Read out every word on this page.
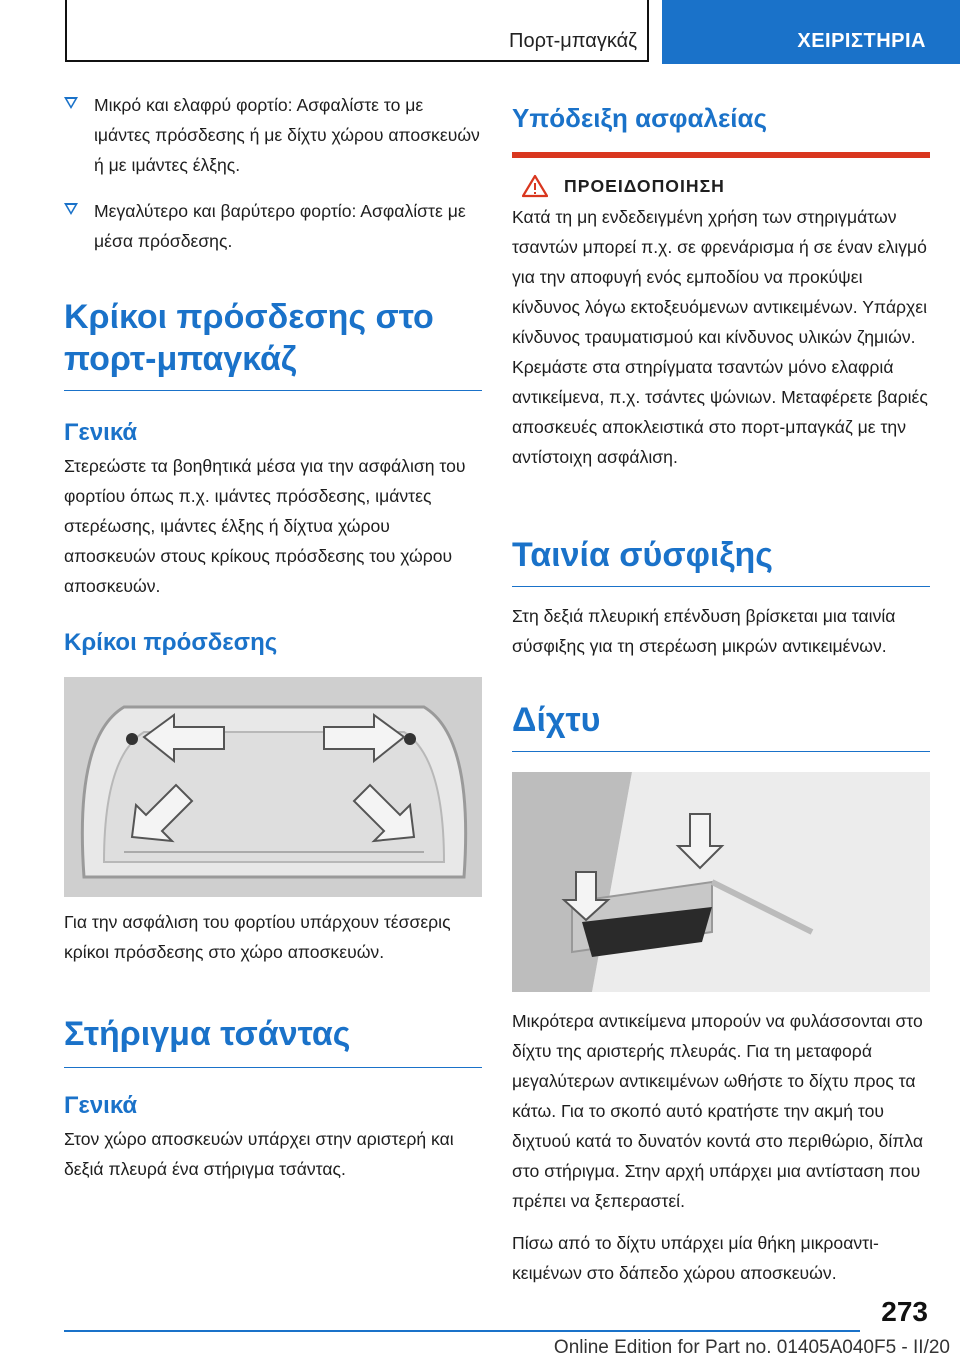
Πορτ-μπαγκάζ	ΧΕΙΡΙΣΤΗΡΙΑ

Μικρό και ελαφρύ φορτίο: Ασφαλίστε το με ιμάντες πρόσδεσης ή με δίχτυ χώρου αποσκευών ή με ιμάντες έλξης.

Μεγαλύτερο και βαρύτερο φορτίο: Ασφαλίστε με μέσα πρόσδεσης.

Κρίκοι πρόσδεσης στο πορτ-μπαγκάζ
Γενικά

Στερεώστε τα βοηθητικά μέσα για την ασφάλιση του φορτίου όπως π.χ. ιμάντες πρόσδεσης, ιμάντες στερέωσης, ιμάντες έλξης ή δίχτυα χώρου αποσκευών στους κρίκους πρόσδεσης του χώρου αποσκευών.

Κρίκοι πρόσδεσης

Για την ασφάλιση του φορτίου υπάρχουν τέσσερις κρίκοι πρόσδεσης στο χώρο αποσκευών.

Στήριγμα τσάντας
Γενικά

Στον χώρο αποσκευών υπάρχει στην αριστερή και δεξιά πλευρά ένα στήριγμα τσάντας.

Υπόδειξη ασφαλείας
ΠΡΟΕΙΔΟΠΟΙΗΣΗ

Κατά τη μη ενδεδειγμένη χρήση των στηριγμάτων τσαντών μπορεί π.χ. σε φρενάρισμα ή σε έναν ελιγμό για την αποφυγή ενός εμποδίου να προκύψει κίνδυνος λόγω εκτοξευόμενων αντικειμένων. Υπάρχει κίνδυνος τραυματισμού και κίνδυνος υλικών ζημιών. Κρεμάστε στα στηρίγματα τσαντών μόνο ελαφριά αντικείμενα, π.χ. τσάντες ψώνιων. Μεταφέρετε βαριές αποσκευές αποκλειστικά στο πορτ-μπαγκάζ με την αντίστοιχη ασφάλιση.

Ταινία σύσφιξης

Στη δεξιά πλευρική επένδυση βρίσκεται μια ταινία σύσφιξης για τη στερέωση μικρών αντικειμένων.

Δίχτυ

Μικρότερα αντικείμενα μπορούν να φυλάσσονται στο δίχτυ της αριστερής πλευράς. Για τη μεταφορά μεγαλύτερων αντικειμένων ωθήστε το δίχτυ προς τα κάτω. Για το σκοπό αυτό κρατήστε την ακμή του διχτυού κατά το δυνατόν κοντά στο περιθώριο, δίπλα στο στήριγμα. Στην αρχή υπάρχει μια αντίσταση που πρέπει να ξεπεραστεί.

Πίσω από το δίχτυ υπάρχει μία θήκη μικροαντικειμένων στο δάπεδο χώρου αποσκευών.

273
Online Edition for Part no. 01405A040F5 - II/20
